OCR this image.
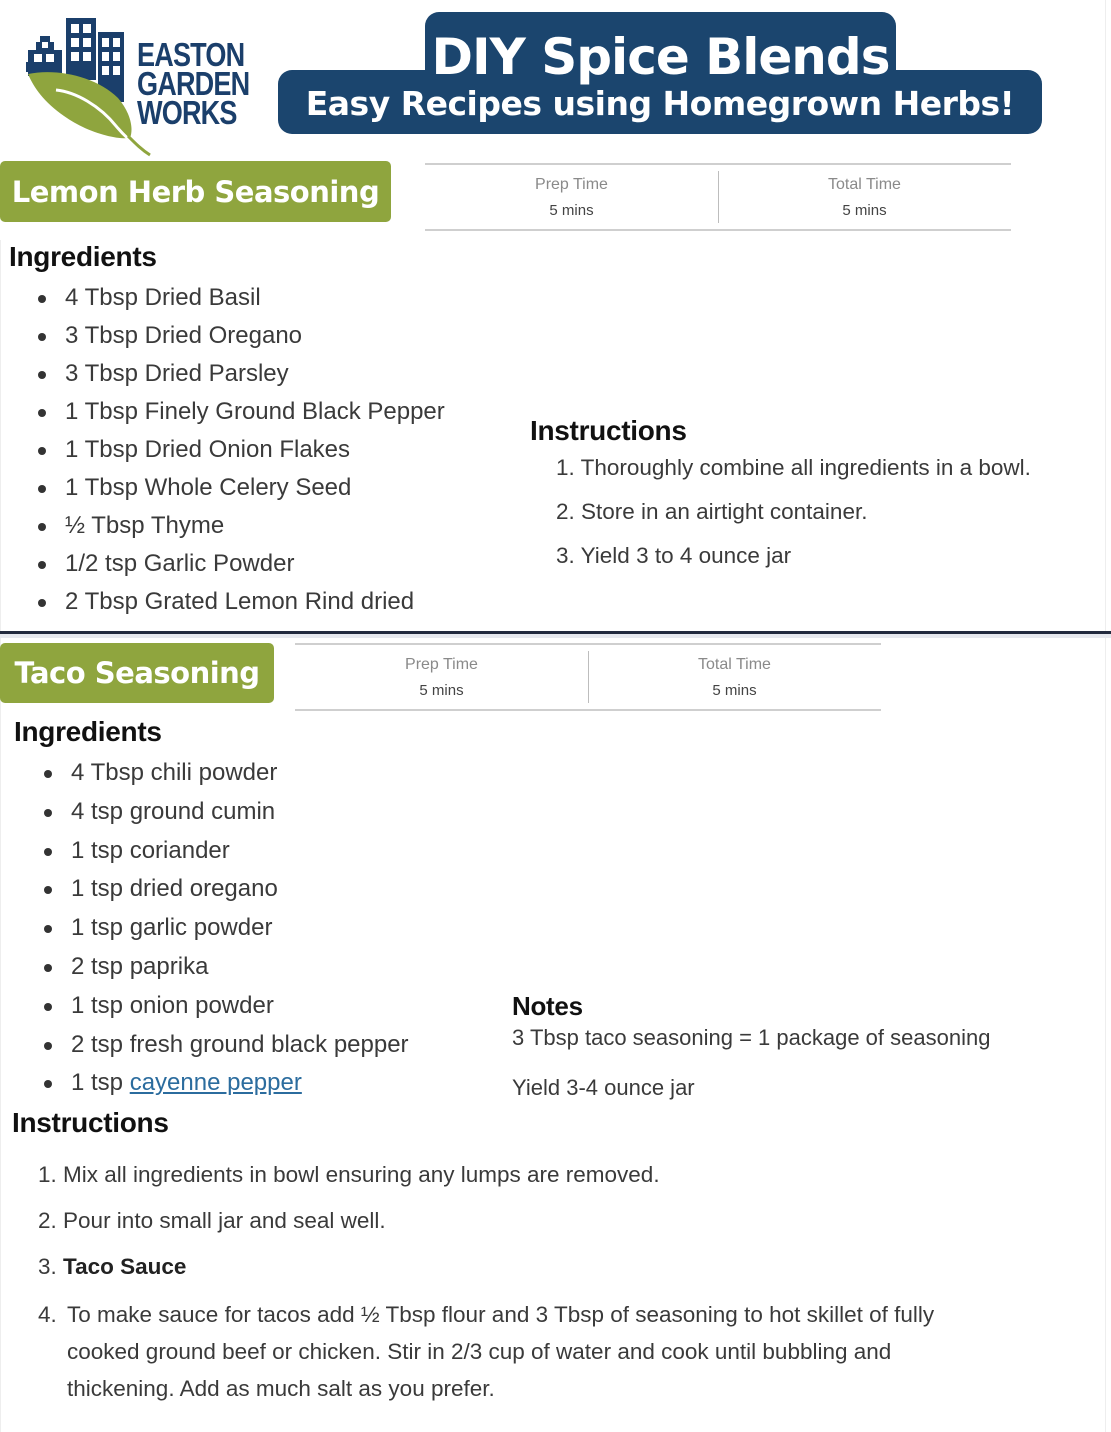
EASTON
GARDEN
WORKS
DIY Spice Blends
Easy Recipes using Homegrown Herbs!
Lemon Herb Seasoning	Prep Time
5 mins
Total Time
5 mins
Ingredients
4 Tbsp Dried Basil
3 Tbsp Dried Oregano
3 Tbsp Dried Parsley
1 Tbsp Finely Ground Black Pepper
1 Tbsp Dried Onion Flakes
1 Tbsp Whole Celery Seed
½ Tbsp Thyme
1/2 tsp Garlic Powder
2 Tbsp Grated Lemon Rind dried
Instructions
1. Thoroughly combine all ingredients in a bowl.
2. Store in an airtight container.
3. Yield 3 to 4 ounce jar
Taco Seasoning	Prep Time
5 mins
Total Time
5 mins
Ingredients
4 Tbsp chili powder
4 tsp ground cumin
1 tsp coriander
1 tsp dried oregano
1 tsp garlic powder
2 tsp paprika
1 tsp onion powder
2 tsp fresh ground black pepper
1 tsp cayenne pepper
Notes
3 Tbsp taco seasoning = 1 package of seasoning
Yield 3-4 ounce jar
Instructions
1. Mix all ingredients in bowl ensuring any lumps are removed.
2. Pour into small jar and seal well.
3. Taco Sauce
4. To make sauce for tacos add ½ Tbsp flour and 3 Tbsp of seasoning to hot skillet of fully
cooked ground beef or chicken. Stir in 2/3 cup of water and cook until bubbling and
thickening. Add as much salt as you prefer.
